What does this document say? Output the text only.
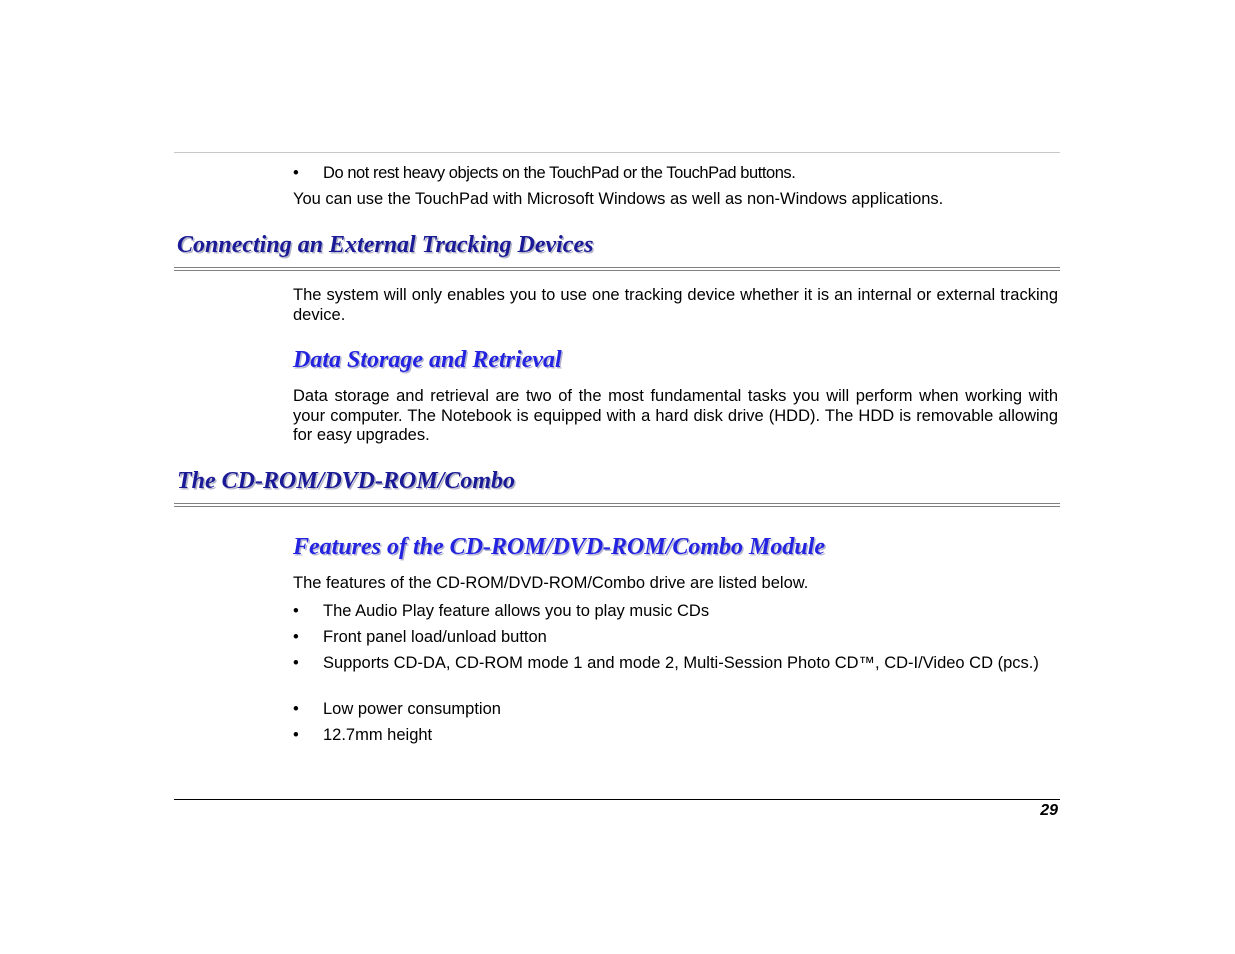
•	Do not rest heavy objects on the TouchPad or the TouchPad buttons.
You can use the TouchPad with Microsoft Windows as well as non-Windows applications.
Connecting an External Tracking Devices
The system will only enables you to use one tracking device whether it is an internal or external tracking device.
Data Storage and Retrieval
Data storage and retrieval are two of the most fundamental tasks you will perform when working with your computer. The Notebook is equipped with a hard disk drive (HDD). The HDD is removable allowing for easy upgrades.
The CD-ROM/DVD-ROM/Combo
Features of the CD-ROM/DVD-ROM/Combo Module
The features of the CD-ROM/DVD-ROM/Combo drive are listed below.
•	The Audio Play feature allows you to play music CDs
•	Front panel load/unload button
•	Supports CD-DA, CD-ROM mode 1 and mode 2, Multi-Session Photo CD™, CD-I/Video CD (pcs.)
•	Low power consumption
•	12.7mm height
29
